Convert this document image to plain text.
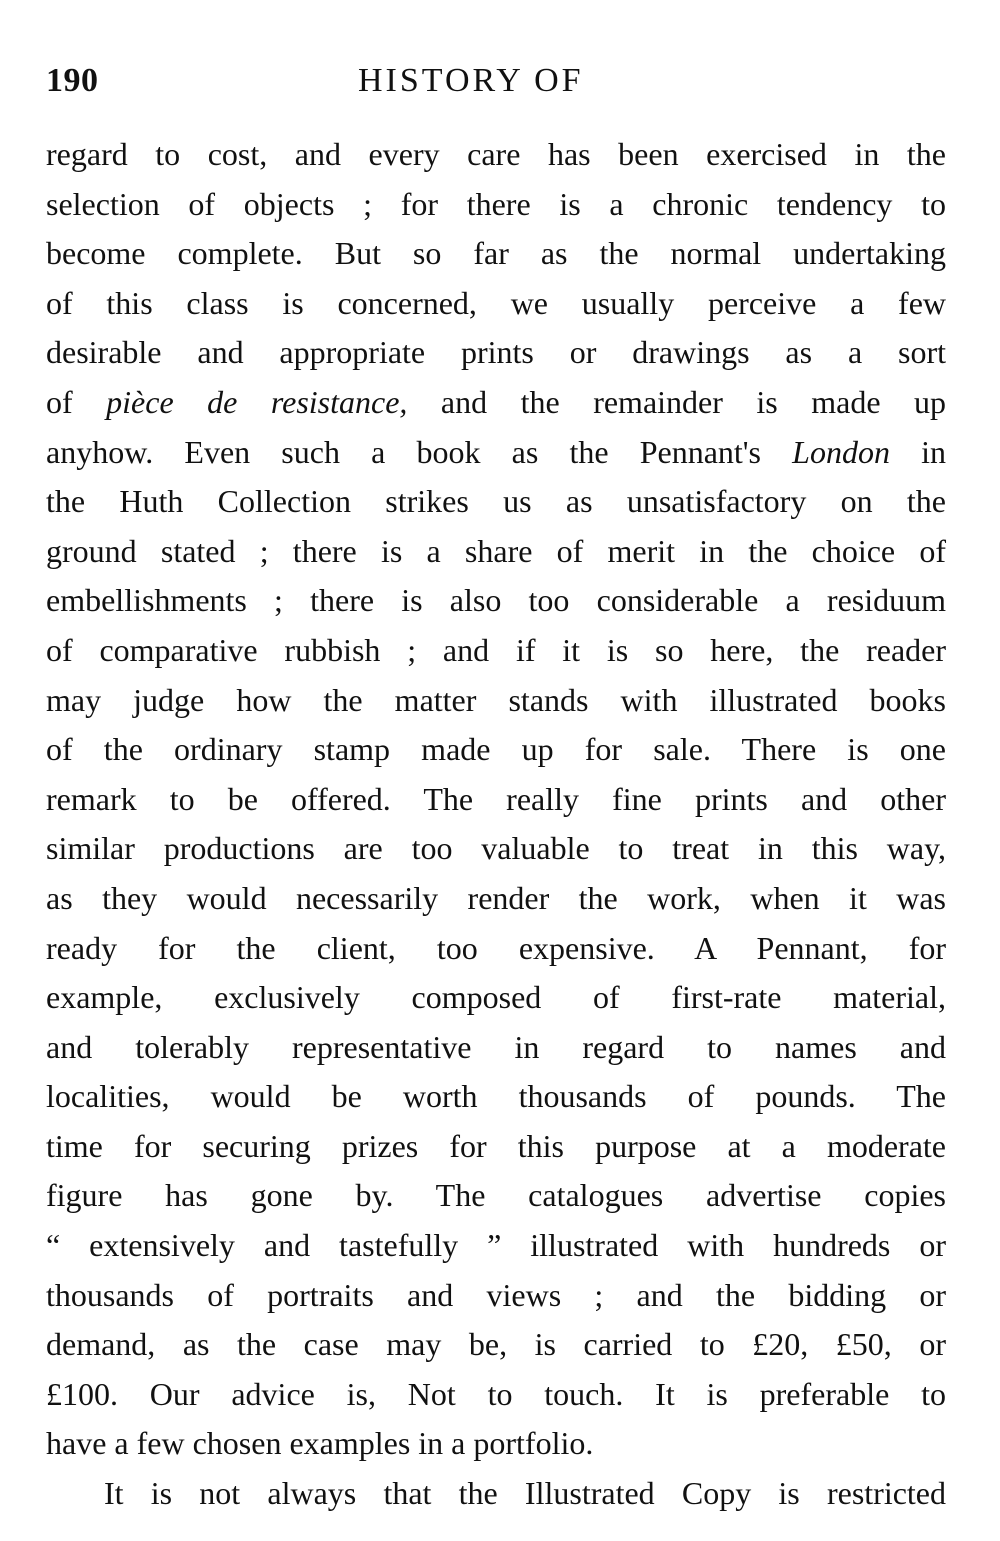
190	HISTORY OF
regard to cost, and every care has been exercised in the
selection of objects ; for there is a chronic tendency to
become complete. But so far as the normal undertaking
of this class is concerned, we usually perceive a few
desirable and appropriate prints or drawings as a sort
of pièce de resistance, and the remainder is made up
anyhow. Even such a book as the Pennant's London in
the Huth Collection strikes us as unsatisfactory on the
ground stated ; there is a share of merit in the choice of
embellishments ; there is also too considerable a residuum
of comparative rubbish ; and if it is so here, the reader
may judge how the matter stands with illustrated books
of the ordinary stamp made up for sale. There is one
remark to be offered. The really fine prints and other
similar productions are too valuable to treat in this way,
as they would necessarily render the work, when it was
ready for the client, too expensive. A Pennant, for
example, exclusively composed of first-rate material,
and tolerably representative in regard to names and
localities, would be worth thousands of pounds. The
time for securing prizes for this purpose at a moderate
figure has gone by. The catalogues advertise copies
“ extensively and tastefully ” illustrated with hundreds or
thousands of portraits and views ; and the bidding or
demand, as the case may be, is carried to £20, £50, or
£100. Our advice is, Not to touch. It is preferable to
have a few chosen examples in a portfolio.
It is not always that the Illustrated Copy is restricted
